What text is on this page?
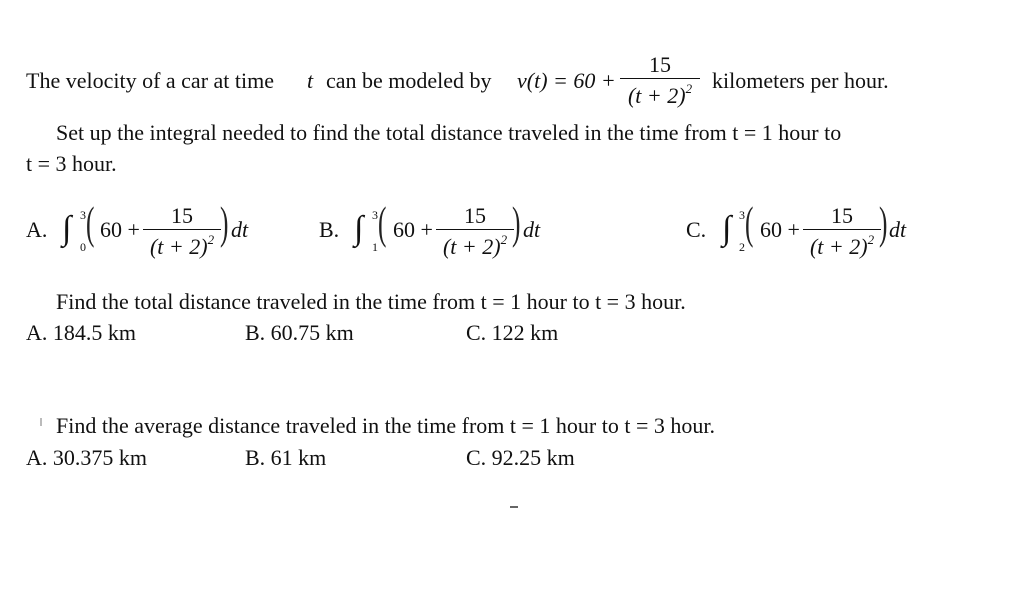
The velocity of a car at time t can be modeled by v(t) = 60 +
15
$(t + 2)^2$ kilometers per hour.
Set up the integral needed to find the total distance traveled in the time from t = 1 hour to
t = 3 hour.
A. ∫ 3
0 ( 60 +
15
$(t + 2)^2$ ) dt	B. ∫ 3
1 ( 60 +
15
$(t + 2)^2$ ) dt	C. ∫ 3
2 ( 60 +
15
$(t + 2)^2$ ) dt
Find the total distance traveled in the time from t = 1 hour to t = 3 hour.
A. 184.5 km	B. 60.75 km	C. 122 km
Find the average distance traveled in the time from t = 1 hour to t = 3 hour.
A. 30.375 km	B. 61 km	C. 92.25 km
